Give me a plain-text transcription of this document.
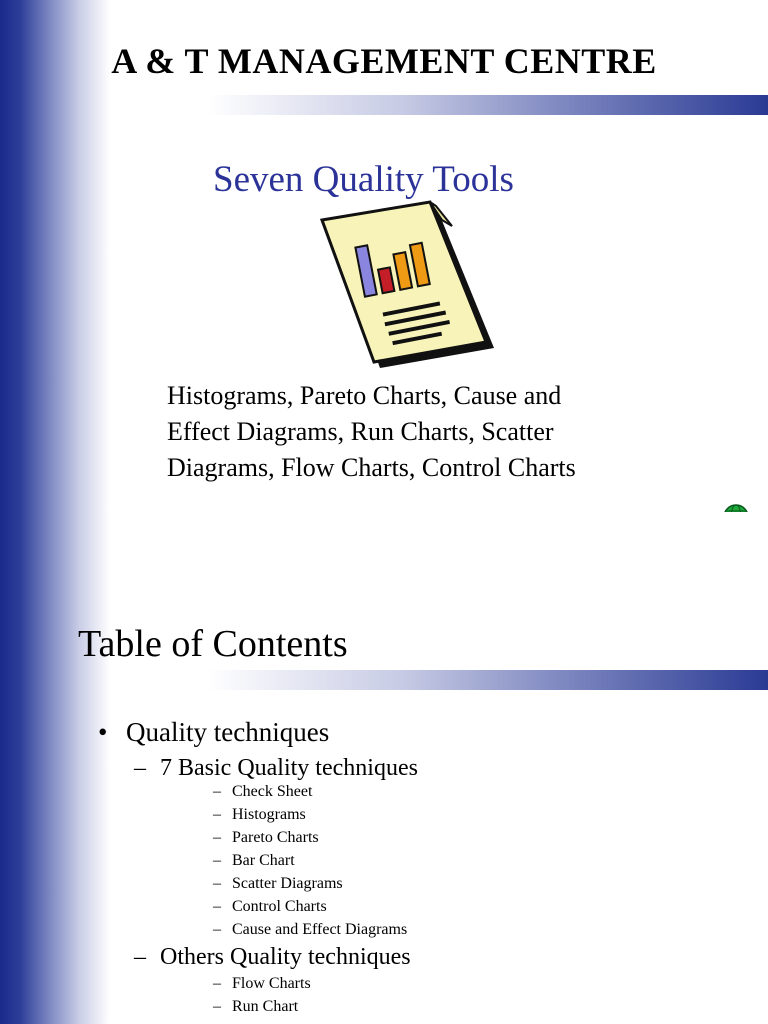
A & T MANAGEMENT CENTRE
Seven Quality Tools
Histograms, Pareto Charts, Cause and
Effect Diagrams, Run Charts, Scatter
Diagrams, Flow Charts, Control Charts
Table of Contents
• Quality techniques
– 7 Basic Quality techniques
– Check Sheet
– Histograms
– Pareto Charts
– Bar Chart
– Scatter Diagrams
– Control Charts
– Cause and Effect Diagrams
– Others Quality techniques
– Flow Charts
– Run Chart
